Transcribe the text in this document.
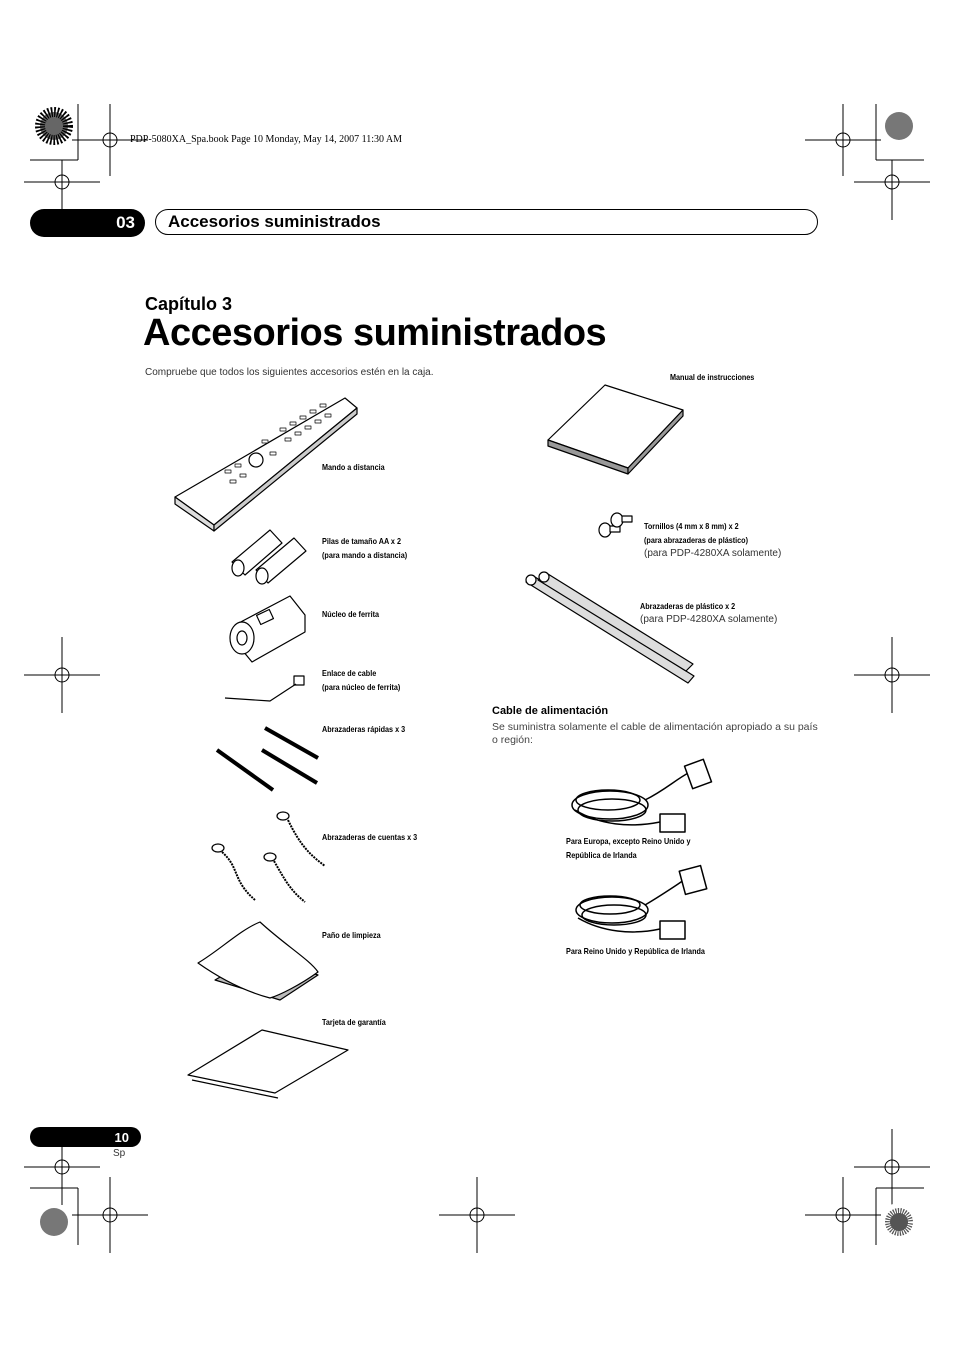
PDP-5080XA_Spa.book Page 10 Monday, May 14, 2007 11:30 AM
03	Accesorios suministrados
Capítulo 3
Accesorios suministrados
Compruebe que todos los siguientes accesorios estén en la caja.
Mando a distancia
Pilas de tamaño AA x 2
(para mando a distancia)
Núcleo de ferrita
Enlace de cable
(para núcleo de ferrita)
Abrazaderas rápidas x 3
Abrazaderas de cuentas x 3
Paño de limpieza
Tarjeta de garantía
Manual de instrucciones
Tornillos (4 mm x 8 mm) x 2
(para abrazaderas de plástico)
(para PDP-4280XA solamente)
Abrazaderas de plástico x 2
(para PDP-4280XA solamente)
Cable de alimentación
Se suministra solamente el cable de alimentación apropiado a su país o región:
Para Europa, excepto Reino Unido y
República de Irlanda
Para Reino Unido y República de Irlanda
10
Sp
